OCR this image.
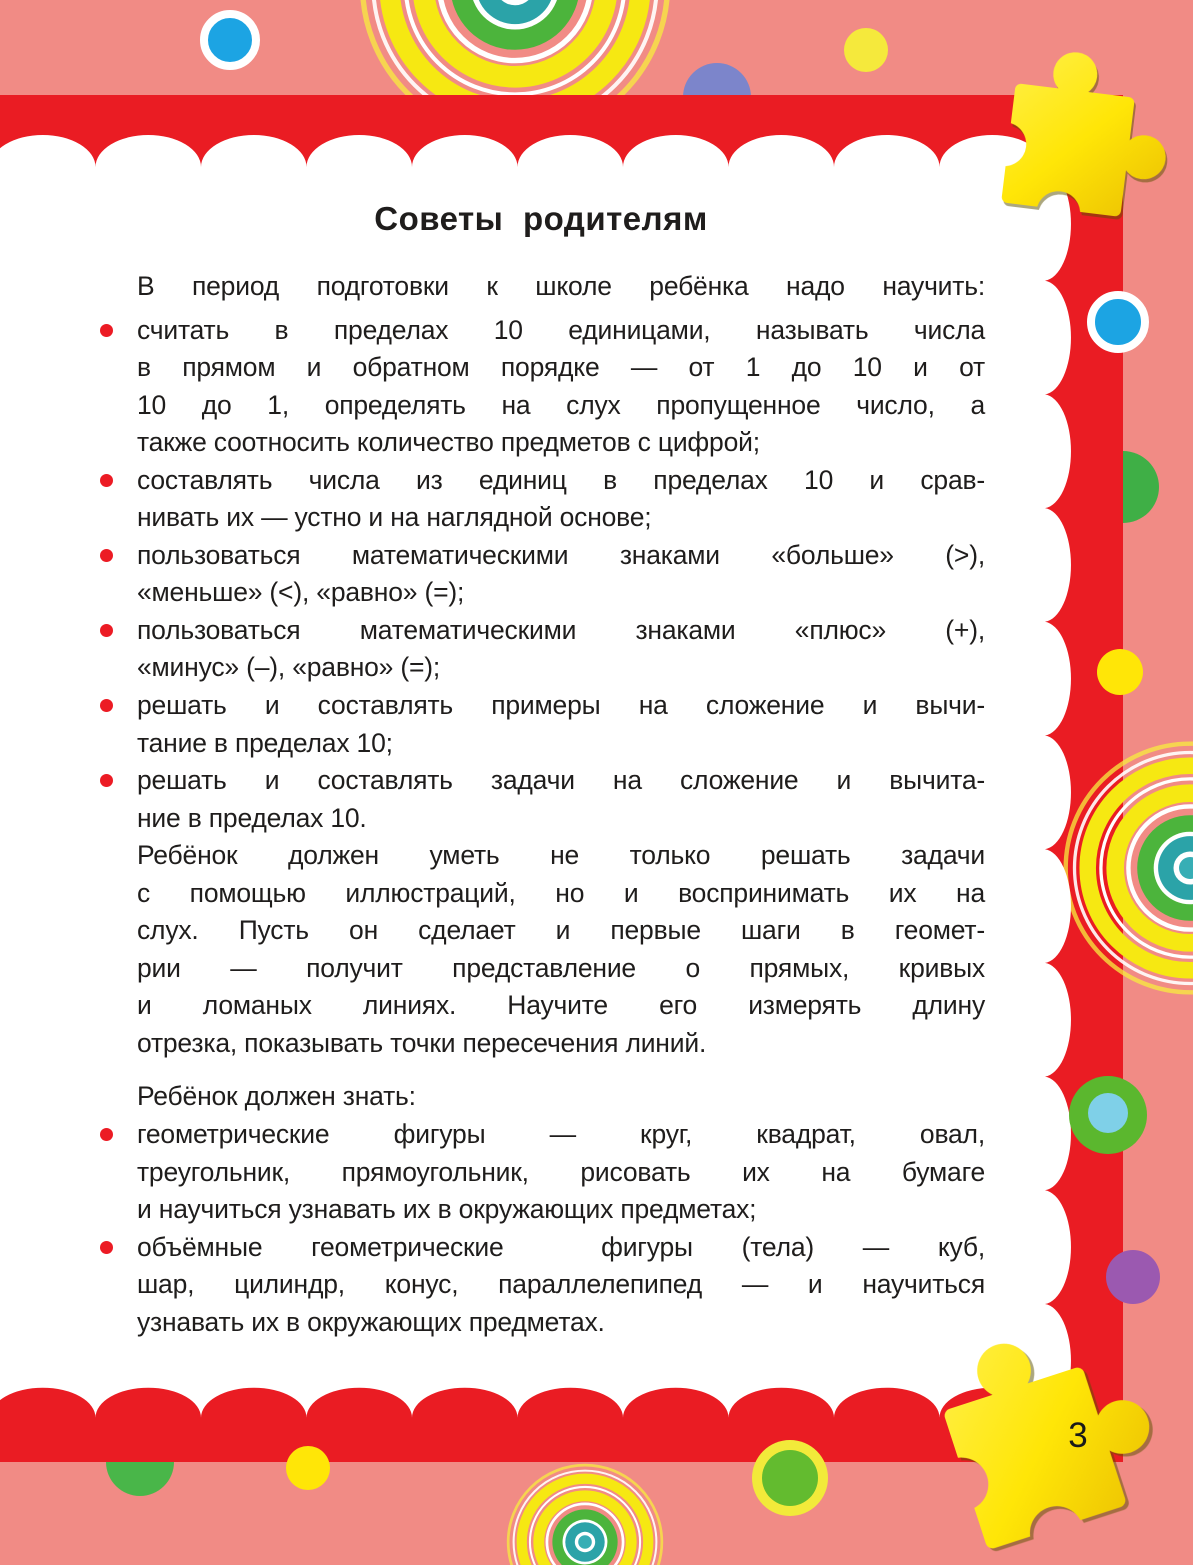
Советы родителям
В период подготовки к школе ребёнка надо научить:
считать в пределах 10 единицами, называть числа
в прямом и обратном порядке — от 1 до 10 и от
10 до 1, определять на слух пропущенное число, а
также соотносить количество предметов с цифрой;
составлять числа из единиц в пределах 10 и срав-
нивать их — устно и на наглядной основе;
пользоваться математическими знаками «больше» (>),
«меньше» (<), «равно» (=);
пользоваться математическими знаками «плюс» (+),
«минус» (–), «равно» (=);
решать и составлять примеры на сложение и вычи-
тание в пределах 10;
решать и составлять задачи на сложение и вычита-
ние в пределах 10.
Ребёнок должен уметь не только решать задачи
с помощью иллюстраций, но и воспринимать их на
слух. Пусть он сделает и первые шаги в геомет-
рии — получит представление о прямых, кривых
и ломаных линиях. Научите его измерять длину
отрезка, показывать точки пересечения линий.
Ребёнок должен знать:
геометрические фигуры — круг, квадрат, овал,
треугольник, прямоугольник, рисовать их на бумаге
и научиться узнавать их в окружающих предметах;
объёмные геометрические  фигуры (тела) — куб,
шар, цилиндр, конус, параллелепипед — и научиться
узнавать их в окружающих предметах.
3
